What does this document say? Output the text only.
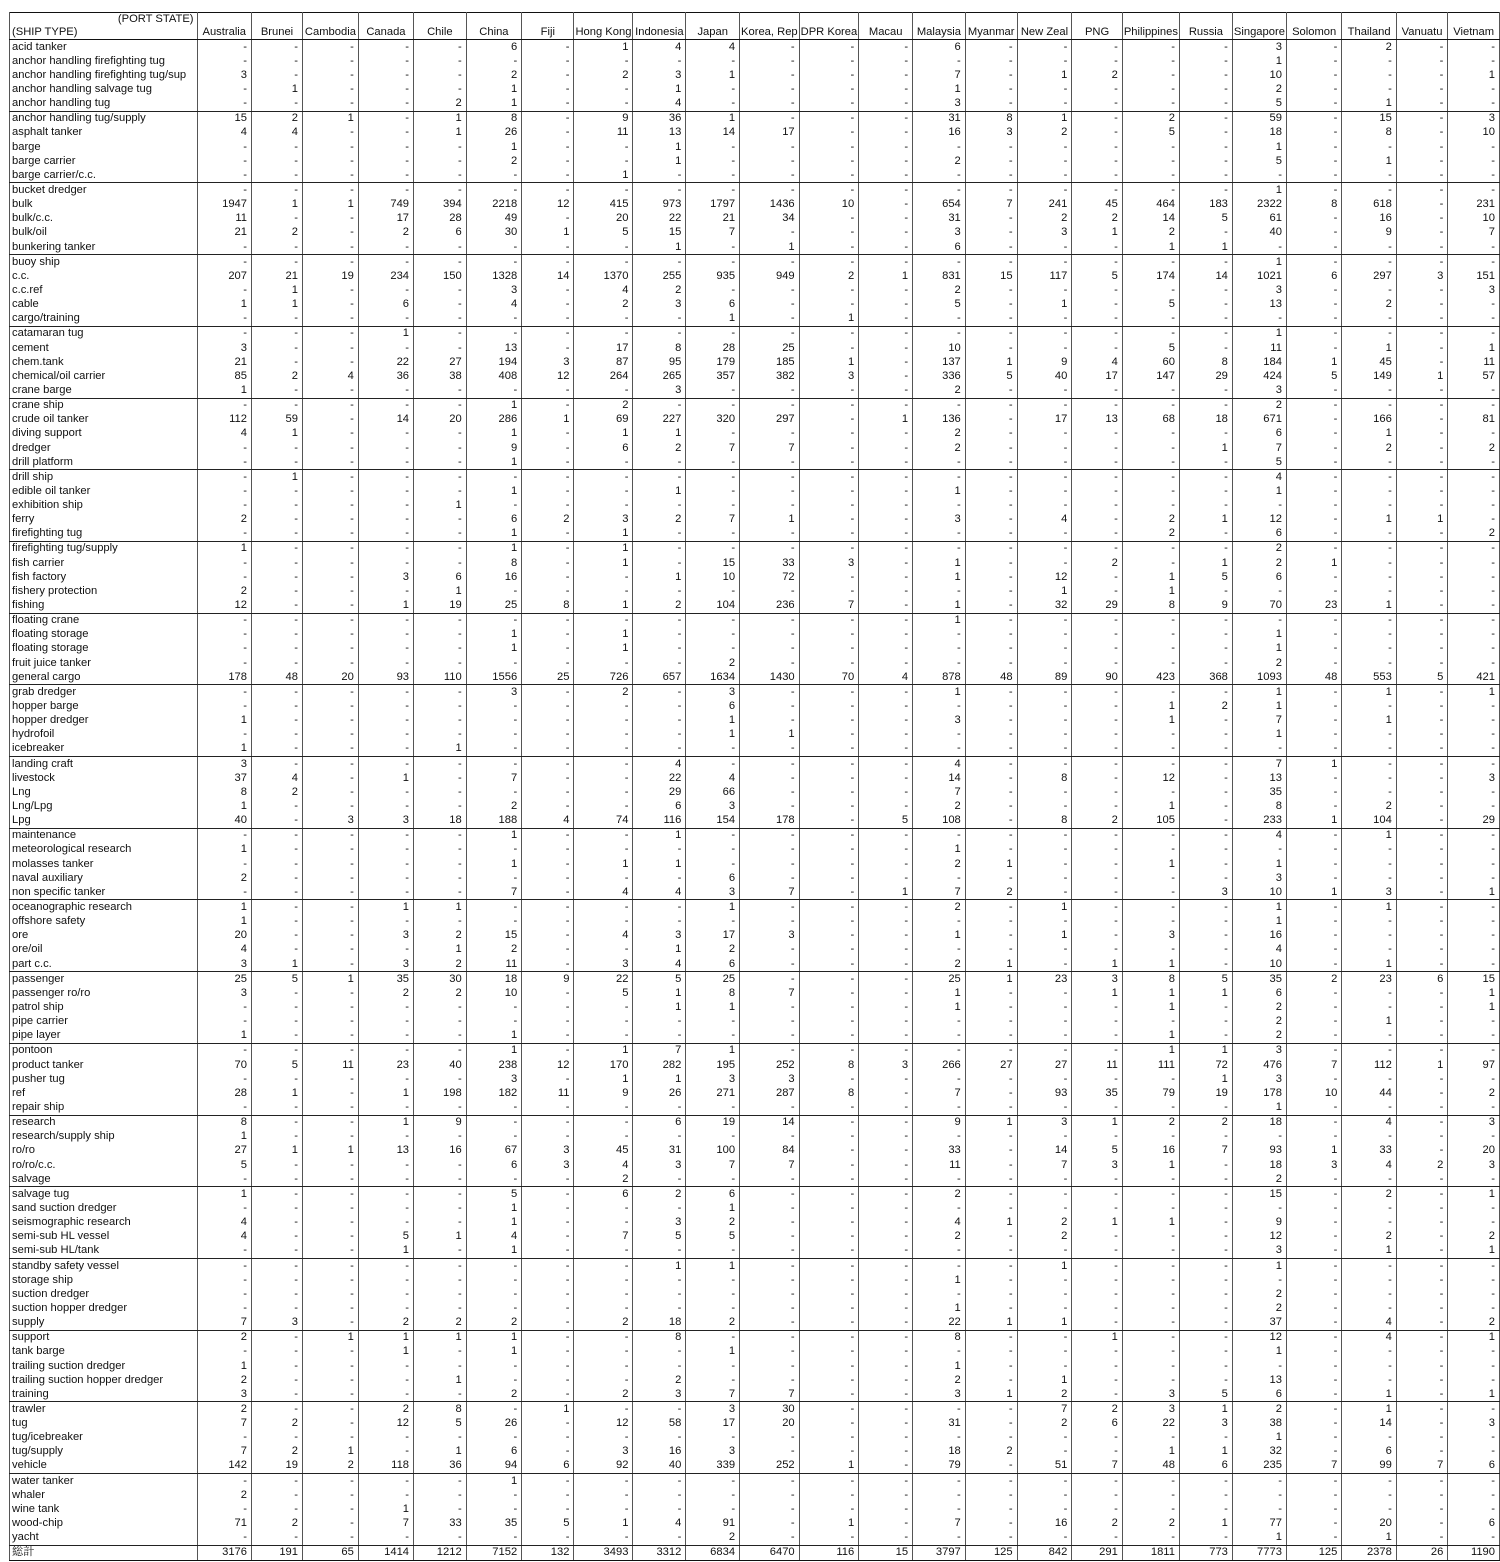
(PORT STATE)
(SHIP TYPE)	Australia	Brunei	Cambodia	Canada	Chile	China	Fiji	Hong Kong	Indonesia	Japan	Korea, Rep	DPR Korea	Macau	Malaysia	Myanmar	New Zeal	PNG	Philippines	Russia	Singapore	Solomon	Thailand	Vanuatu	Vietnam
acid tanker	-	-	-	-	-	6	-	1	4	4	-	-	-	6	-	-	-	-	-	3	-	2	-	-
anchor handling firefighting tug	-	-	-	-	-	-	-	-	-	-	-	-	-	-	-	-	-	-	-	1	-	-	-	-
anchor handling firefighting tug/sup	3	-	-	-	-	2	-	2	3	1	-	-	-	7	-	1	2	-	-	10	-	-	-	1
anchor handling salvage tug	-	1	-	-	-	1	-	-	1	-	-	-	-	1	-	-	-	-	-	2	-	-	-	-
anchor handling tug	-	-	-	-	2	1	-	-	4	-	-	-	-	3	-	-	-	-	-	5	-	1	-	-
anchor handling tug/supply	15	2	1	-	1	8	-	9	36	1	-	-	-	31	8	1	-	2	-	59	-	15	-	3
asphalt tanker	4	4	-	-	1	26	-	11	13	14	17	-	-	16	3	2	-	5	-	18	-	8	-	10
barge	-	-	-	-	-	1	-	-	1	-	-	-	-	-	-	-	-	-	-	1	-	-	-	-
barge carrier	-	-	-	-	-	2	-	-	1	-	-	-	-	2	-	-	-	-	-	5	-	1	-	-
barge carrier/c.c.	-	-	-	-	-	-	-	1	-	-	-	-	-	-	-	-	-	-	-	-	-	-	-	-
bucket dredger	-	-	-	-	-	-	-	-	-	-	-	-	-	-	-	-	-	-	-	1	-	-	-	-
bulk	1947	1	1	749	394	2218	12	415	973	1797	1436	10	-	654	7	241	45	464	183	2322	8	618	-	231
bulk/c.c.	11	-	-	17	28	49	-	20	22	21	34	-	-	31	-	2	2	14	5	61	-	16	-	10
bulk/oil	21	2	-	2	6	30	1	5	15	7	-	-	-	3	-	3	1	2	-	40	-	9	-	7
bunkering tanker	-	-	-	-	-	-	-	-	1	-	1	-	-	6	-	-	-	1	1	-	-	-	-	-
buoy ship	-	-	-	-	-	-	-	-	-	-	-	-	-	-	-	-	-	-	-	1	-	-	-	-
c.c.	207	21	19	234	150	1328	14	1370	255	935	949	2	1	831	15	117	5	174	14	1021	6	297	3	151
c.c.ref	-	1	-	-	-	3	-	4	2	-	-	-	-	2	-	-	-	-	-	3	-	-	-	3
cable	1	1	-	6	-	4	-	2	3	6	-	-	-	5	-	1	-	5	-	13	-	2	-	-
cargo/training	-	-	-	-	-	-	-	-	-	1	-	1	-	-	-	-	-	-	-	-	-	-	-	-
catamaran tug	-	-	-	1	-	-	-	-	-	-	-	-	-	-	-	-	-	-	-	1	-	-	-	-
cement	3	-	-	-	-	13	-	17	8	28	25	-	-	10	-	-	-	5	-	11	-	1	-	1
chem.tank	21	-	-	22	27	194	3	87	95	179	185	1	-	137	1	9	4	60	8	184	1	45	-	11
chemical/oil carrier	85	2	4	36	38	408	12	264	265	357	382	3	-	336	5	40	17	147	29	424	5	149	1	57
crane barge	1	-	-	-	-	-	-	-	3	-	-	-	-	2	-	-	-	-	-	3	-	-	-	-
crane ship	-	-	-	-	-	1	-	2	-	-	-	-	-	-	-	-	-	-	-	2	-	-	-	-
crude oil tanker	112	59	-	14	20	286	1	69	227	320	297	-	1	136	-	17	13	68	18	671	-	166	-	81
diving support	4	1	-	-	-	1	-	1	1	-	-	-	-	2	-	-	-	-	-	6	-	1	-	-
dredger	-	-	-	-	-	9	-	6	2	7	7	-	-	2	-	-	-	-	1	7	-	2	-	2
drill platform	-	-	-	-	-	1	-	-	-	-	-	-	-	-	-	-	-	-	-	5	-	-	-	-
drill ship	-	1	-	-	-	-	-	-	-	-	-	-	-	-	-	-	-	-	-	4	-	-	-	-
edible oil tanker	-	-	-	-	-	1	-	-	1	-	-	-	-	1	-	-	-	-	-	1	-	-	-	-
exhibition ship	-	-	-	-	1	-	-	-	-	-	-	-	-	-	-	-	-	-	-	-	-	-	-	-
ferry	2	-	-	-	-	6	2	3	2	7	1	-	-	3	-	4	-	2	1	12	-	1	1	-
firefighting tug	-	-	-	-	-	1	-	1	-	-	-	-	-	-	-	-	-	2	-	6	-	-	-	2
firefighting tug/supply	1	-	-	-	-	1	-	1	-	-	-	-	-	-	-	-	-	-	-	2	-	-	-	-
fish carrier	-	-	-	-	-	8	-	1	-	15	33	3	-	1	-	-	2	-	1	2	1	-	-	-
fish factory	-	-	-	3	6	16	-	-	1	10	72	-	-	1	-	12	-	1	5	6	-	-	-	-
fishery protection	2	-	-	-	1	-	-	-	-	-	-	-	-	-	-	1	-	1	-	-	-	-	-	-
fishing	12	-	-	1	19	25	8	1	2	104	236	7	-	1	-	32	29	8	9	70	23	1	-	-
floating crane	-	-	-	-	-	-	-	-	-	-	-	-	-	1	-	-	-	-	-	-	-	-	-	-
floating storage	-	-	-	-	-	1	-	1	-	-	-	-	-	-	-	-	-	-	-	1	-	-	-	-
floating storage	-	-	-	-	-	1	-	1	-	-	-	-	-	-	-	-	-	-	-	1	-	-	-	-
fruit juice tanker	-	-	-	-	-	-	-	-	-	2	-	-	-	-	-	-	-	-	-	2	-	-	-	-
general cargo	178	48	20	93	110	1556	25	726	657	1634	1430	70	4	878	48	89	90	423	368	1093	48	553	5	421
grab dredger	-	-	-	-	-	3	-	2	-	3	-	-	-	1	-	-	-	-	-	1	-	1	-	1
hopper barge	-	-	-	-	-	-	-	-	-	6	-	-	-	-	-	-	-	1	2	1	-	-	-	-
hopper dredger	1	-	-	-	-	-	-	-	-	1	-	-	-	3	-	-	-	1	-	7	-	1	-	-
hydrofoil	-	-	-	-	-	-	-	-	-	1	1	-	-	-	-	-	-	-	-	1	-	-	-	-
icebreaker	1	-	-	-	1	-	-	-	-	-	-	-	-	-	-	-	-	-	-	-	-	-	-	-
landing craft	3	-	-	-	-	-	-	-	4	-	-	-	-	4	-	-	-	-	-	7	1	-	-	-
livestock	37	4	-	1	-	7	-	-	22	4	-	-	-	14	-	8	-	12	-	13	-	-	-	3
Lng	8	2	-	-	-	-	-	-	29	66	-	-	-	7	-	-	-	-	-	35	-	-	-	-
Lng/Lpg	1	-	-	-	-	2	-	-	6	3	-	-	-	2	-	-	-	1	-	8	-	2	-	-
Lpg	40	-	3	3	18	188	4	74	116	154	178	-	5	108	-	8	2	105	-	233	1	104	-	29
maintenance	-	-	-	-	-	1	-	-	1	-	-	-	-	-	-	-	-	-	-	4	-	1	-	-
meteorological research	1	-	-	-	-	-	-	-	-	-	-	-	-	1	-	-	-	-	-	-	-	-	-	-
molasses tanker	-	-	-	-	-	1	-	1	1	-	-	-	-	2	1	-	-	1	-	1	-	-	-	-
naval auxiliary	2	-	-	-	-	-	-	-	-	6	-	-	-	-	-	-	-	-	-	3	-	-	-	-
non specific tanker	-	-	-	-	-	7	-	4	4	3	7	-	1	7	2	-	-	-	3	10	1	3	-	1
oceanographic research	1	-	-	1	1	-	-	-	-	1	-	-	-	2	-	1	-	-	-	1	-	1	-	-
offshore safety	1	-	-	-	-	-	-	-	-	-	-	-	-	-	-	-	-	-	-	1	-	-	-	-
ore	20	-	-	3	2	15	-	4	3	17	3	-	-	1	-	1	-	3	-	16	-	-	-	-
ore/oil	4	-	-	-	1	2	-	-	1	2	-	-	-	-	-	-	-	-	-	4	-	-	-	-
part c.c.	3	1	-	3	2	11	-	3	4	6	-	-	-	2	1	-	1	1	-	10	-	1	-	-
passenger	25	5	1	35	30	18	9	22	5	25	-	-	-	25	1	23	3	8	5	35	2	23	6	15
passenger ro/ro	3	-	-	2	2	10	-	5	1	8	7	-	-	1	-	-	1	1	1	6	-	-	-	1
patrol ship	-	-	-	-	-	-	-	-	1	1	-	-	-	1	-	-	-	1	-	2	-	-	-	1
pipe carrier	-	-	-	-	-	-	-	-	-	-	-	-	-	-	-	-	-	-	-	2	-	1	-	-
pipe layer	1	-	-	-	-	1	-	-	-	-	-	-	-	-	-	-	-	1	-	2	-	-	-	-
pontoon	-	-	-	-	-	1	-	1	7	1	-	-	-	-	-	-	-	1	1	3	-	-	-	-
product tanker	70	5	11	23	40	238	12	170	282	195	252	8	3	266	27	27	11	111	72	476	7	112	1	97
pusher tug	-	-	-	-	-	3	-	1	1	3	3	-	-	-	-	-	-	-	1	3	-	-	-	-
ref	28	1	-	1	198	182	11	9	26	271	287	8	-	7	-	93	35	79	19	178	10	44	-	2
repair ship	-	-	-	-	-	-	-	-	-	-	-	-	-	-	-	-	-	-	-	1	-	-	-	-
research	8	-	-	1	9	-	-	-	6	19	14	-	-	9	1	3	1	2	2	18	-	4	-	3
research/supply ship	1	-	-	-	-	-	-	-	-	-	-	-	-	-	-	-	-	-	-	-	-	-	-	-
ro/ro	27	1	1	13	16	67	3	45	31	100	84	-	-	33	-	14	5	16	7	93	1	33	-	20
ro/ro/c.c.	5	-	-	-	-	6	3	4	3	7	7	-	-	11	-	7	3	1	-	18	3	4	2	3
salvage	-	-	-	-	-	-	-	2	-	-	-	-	-	-	-	-	-	-	-	2	-	-	-	-
salvage tug	1	-	-	-	-	5	-	6	2	6	-	-	-	2	-	-	-	-	-	15	-	2	-	1
sand suction dredger	-	-	-	-	-	1	-	-	-	1	-	-	-	-	-	-	-	-	-	-	-	-	-	-
seismographic research	4	-	-	-	-	1	-	-	3	2	-	-	-	4	1	2	1	1	-	9	-	-	-	-
semi-sub HL vessel	4	-	-	5	1	4	-	7	5	5	-	-	-	2	-	2	-	-	-	12	-	2	-	2
semi-sub HL/tank	-	-	-	1	-	1	-	-	-	-	-	-	-	-	-	-	-	-	-	3	-	1	-	1
standby safety vessel	-	-	-	-	-	-	-	-	1	1	-	-	-	-	-	1	-	-	-	1	-	-	-	-
storage ship	-	-	-	-	-	-	-	-	-	-	-	-	-	1	-	-	-	-	-	-	-	-	-	-
suction dredger	-	-	-	-	-	-	-	-	-	-	-	-	-	-	-	-	-	-	-	2	-	-	-	-
suction hopper dredger	-	-	-	-	-	-	-	-	-	-	-	-	-	1	-	-	-	-	-	2	-	-	-	-
supply	7	3	-	2	2	2	-	2	18	2	-	-	-	22	1	1	-	-	-	37	-	4	-	2
support	2	-	1	1	1	1	-	-	8	-	-	-	-	8	-	-	1	-	-	12	-	4	-	1
tank barge	-	-	-	1	-	1	-	-	-	1	-	-	-	-	-	-	-	-	-	1	-	-	-	-
trailing suction dredger	1	-	-	-	-	-	-	-	-	-	-	-	-	1	-	-	-	-	-	-	-	-	-	-
trailing suction hopper dredger	2	-	-	-	1	-	-	-	2	-	-	-	-	2	-	1	-	-	-	13	-	-	-	-
training	3	-	-	-	-	2	-	2	3	7	7	-	-	3	1	2	-	3	5	6	-	1	-	1
trawler	2	-	-	2	8	-	1	-	-	3	30	-	-	-	-	7	2	3	1	2	-	1	-	-
tug	7	2	-	12	5	26	-	12	58	17	20	-	-	31	-	2	6	22	3	38	-	14	-	3
tug/icebreaker	-	-	-	-	-	-	-	-	-	-	-	-	-	-	-	-	-	-	-	1	-	-	-	-
tug/supply	7	2	1	-	1	6	-	3	16	3	-	-	-	18	2	-	-	1	1	32	-	6	-	-
vehicle	142	19	2	118	36	94	6	92	40	339	252	1	-	79	-	51	7	48	6	235	7	99	7	6
water tanker	-	-	-	-	-	1	-	-	-	-	-	-	-	-	-	-	-	-	-	-	-	-	-	-
whaler	2	-	-	-	-	-	-	-	-	-	-	-	-	-	-	-	-	-	-	-	-	-	-	-
wine tank	-	-	-	1	-	-	-	-	-	-	-	-	-	-	-	-	-	-	-	-	-	-	-	-
wood-chip	71	2	-	7	33	35	5	1	4	91	-	1	-	7	-	16	2	2	1	77	-	20	-	6
yacht	-	-	-	-	-	-	-	-	-	2	-	-	-	-	-	-	-	-	-	1	-	1	-	-
総計	3176	191	65	1414	1212	7152	132	3493	3312	6834	6470	116	15	3797	125	842	291	1811	773	7773	125	2378	26	1190
